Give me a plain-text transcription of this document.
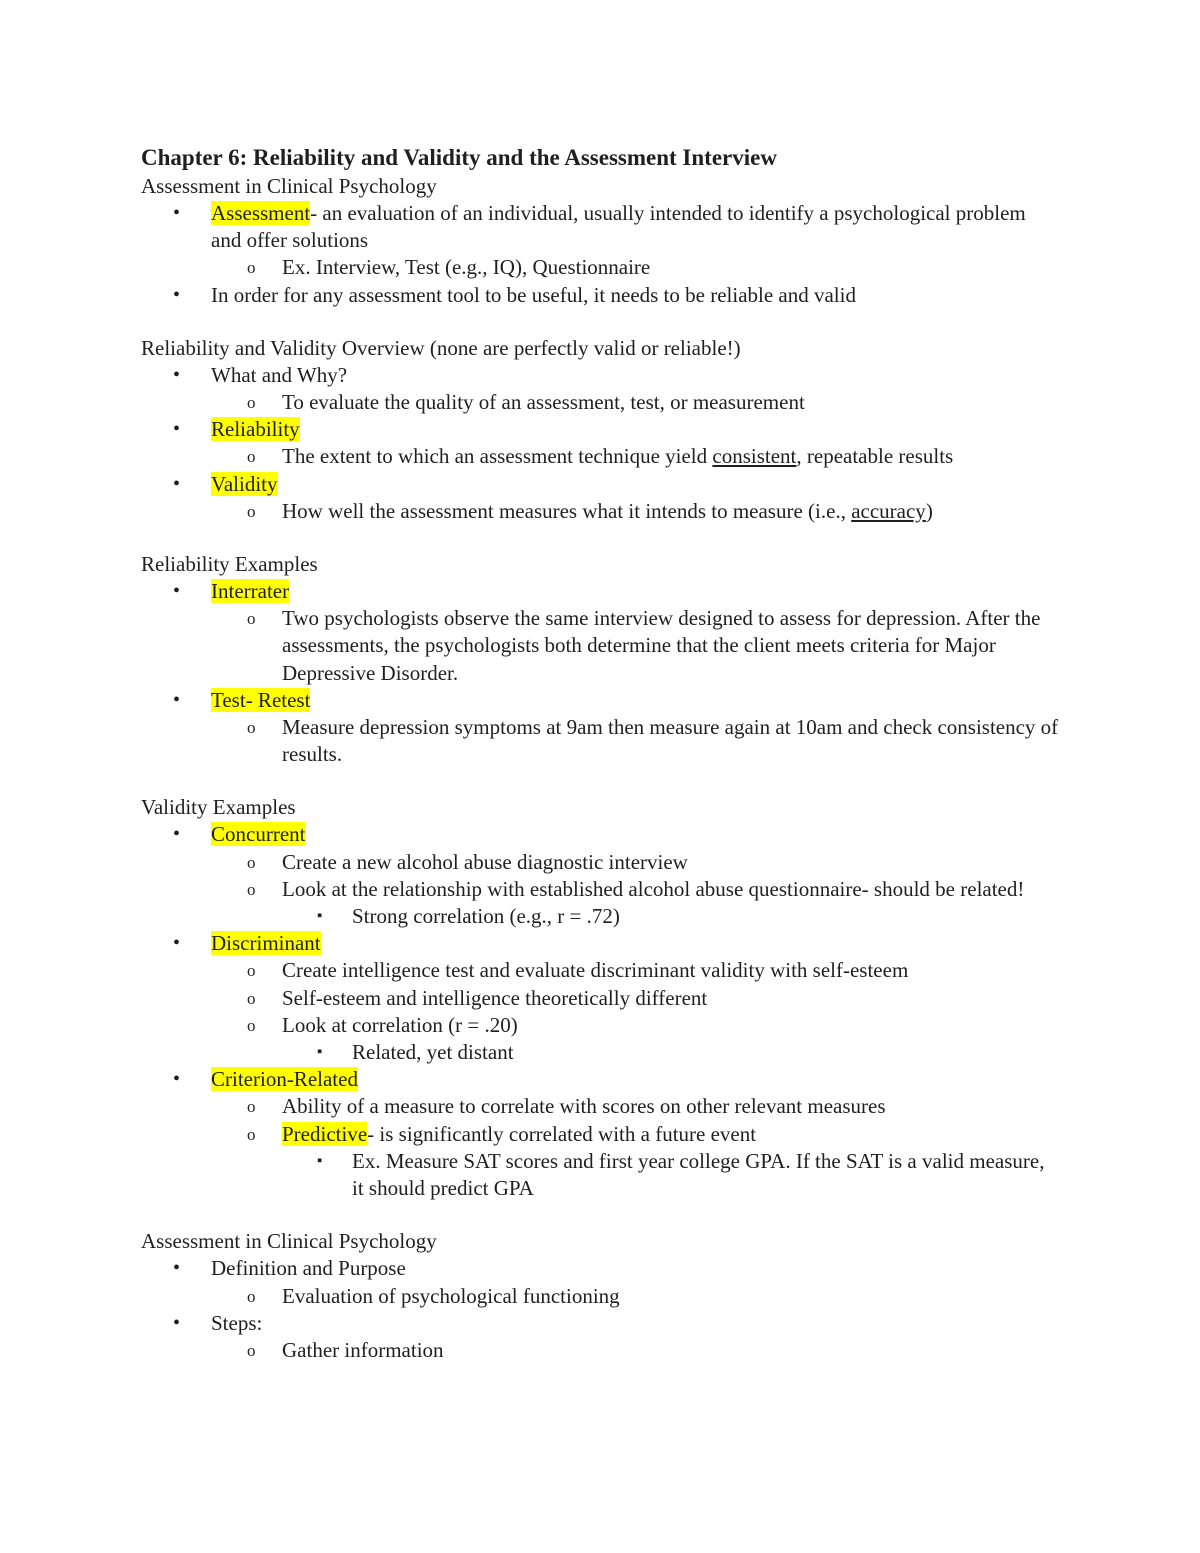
Chapter 6: Reliability and Validity and the Assessment Interview
Assessment in Clinical Psychology
• Assessment- an evaluation of an individual, usually intended to identify a psychological problem and offer solutions
o Ex. Interview, Test (e.g., IQ), Questionnaire
• In order for any assessment tool to be useful, it needs to be reliable and valid
Reliability and Validity Overview (none are perfectly valid or reliable!)
• What and Why?
o To evaluate the quality of an assessment, test, or measurement
• Reliability
o The extent to which an assessment technique yield consistent, repeatable results
• Validity
o How well the assessment measures what it intends to measure (i.e., accuracy)
Reliability Examples
• Interrater
o Two psychologists observe the same interview designed to assess for depression. After the assessments, the psychologists both determine that the client meets criteria for Major Depressive Disorder.
• Test- Retest
o Measure depression symptoms at 9am then measure again at 10am and check consistency of results.
Validity Examples
• Concurrent
o Create a new alcohol abuse diagnostic interview
o Look at the relationship with established alcohol abuse questionnaire- should be related!
▪ Strong correlation (e.g., r = .72)
• Discriminant
o Create intelligence test and evaluate discriminant validity with self-esteem
o Self-esteem and intelligence theoretically different
o Look at correlation (r = .20)
▪ Related, yet distant
• Criterion-Related
o Ability of a measure to correlate with scores on other relevant measures
o Predictive- is significantly correlated with a future event
▪ Ex. Measure SAT scores and first year college GPA. If the SAT is a valid measure, it should predict GPA
Assessment in Clinical Psychology
• Definition and Purpose
o Evaluation of psychological functioning
• Steps:
o Gather information
